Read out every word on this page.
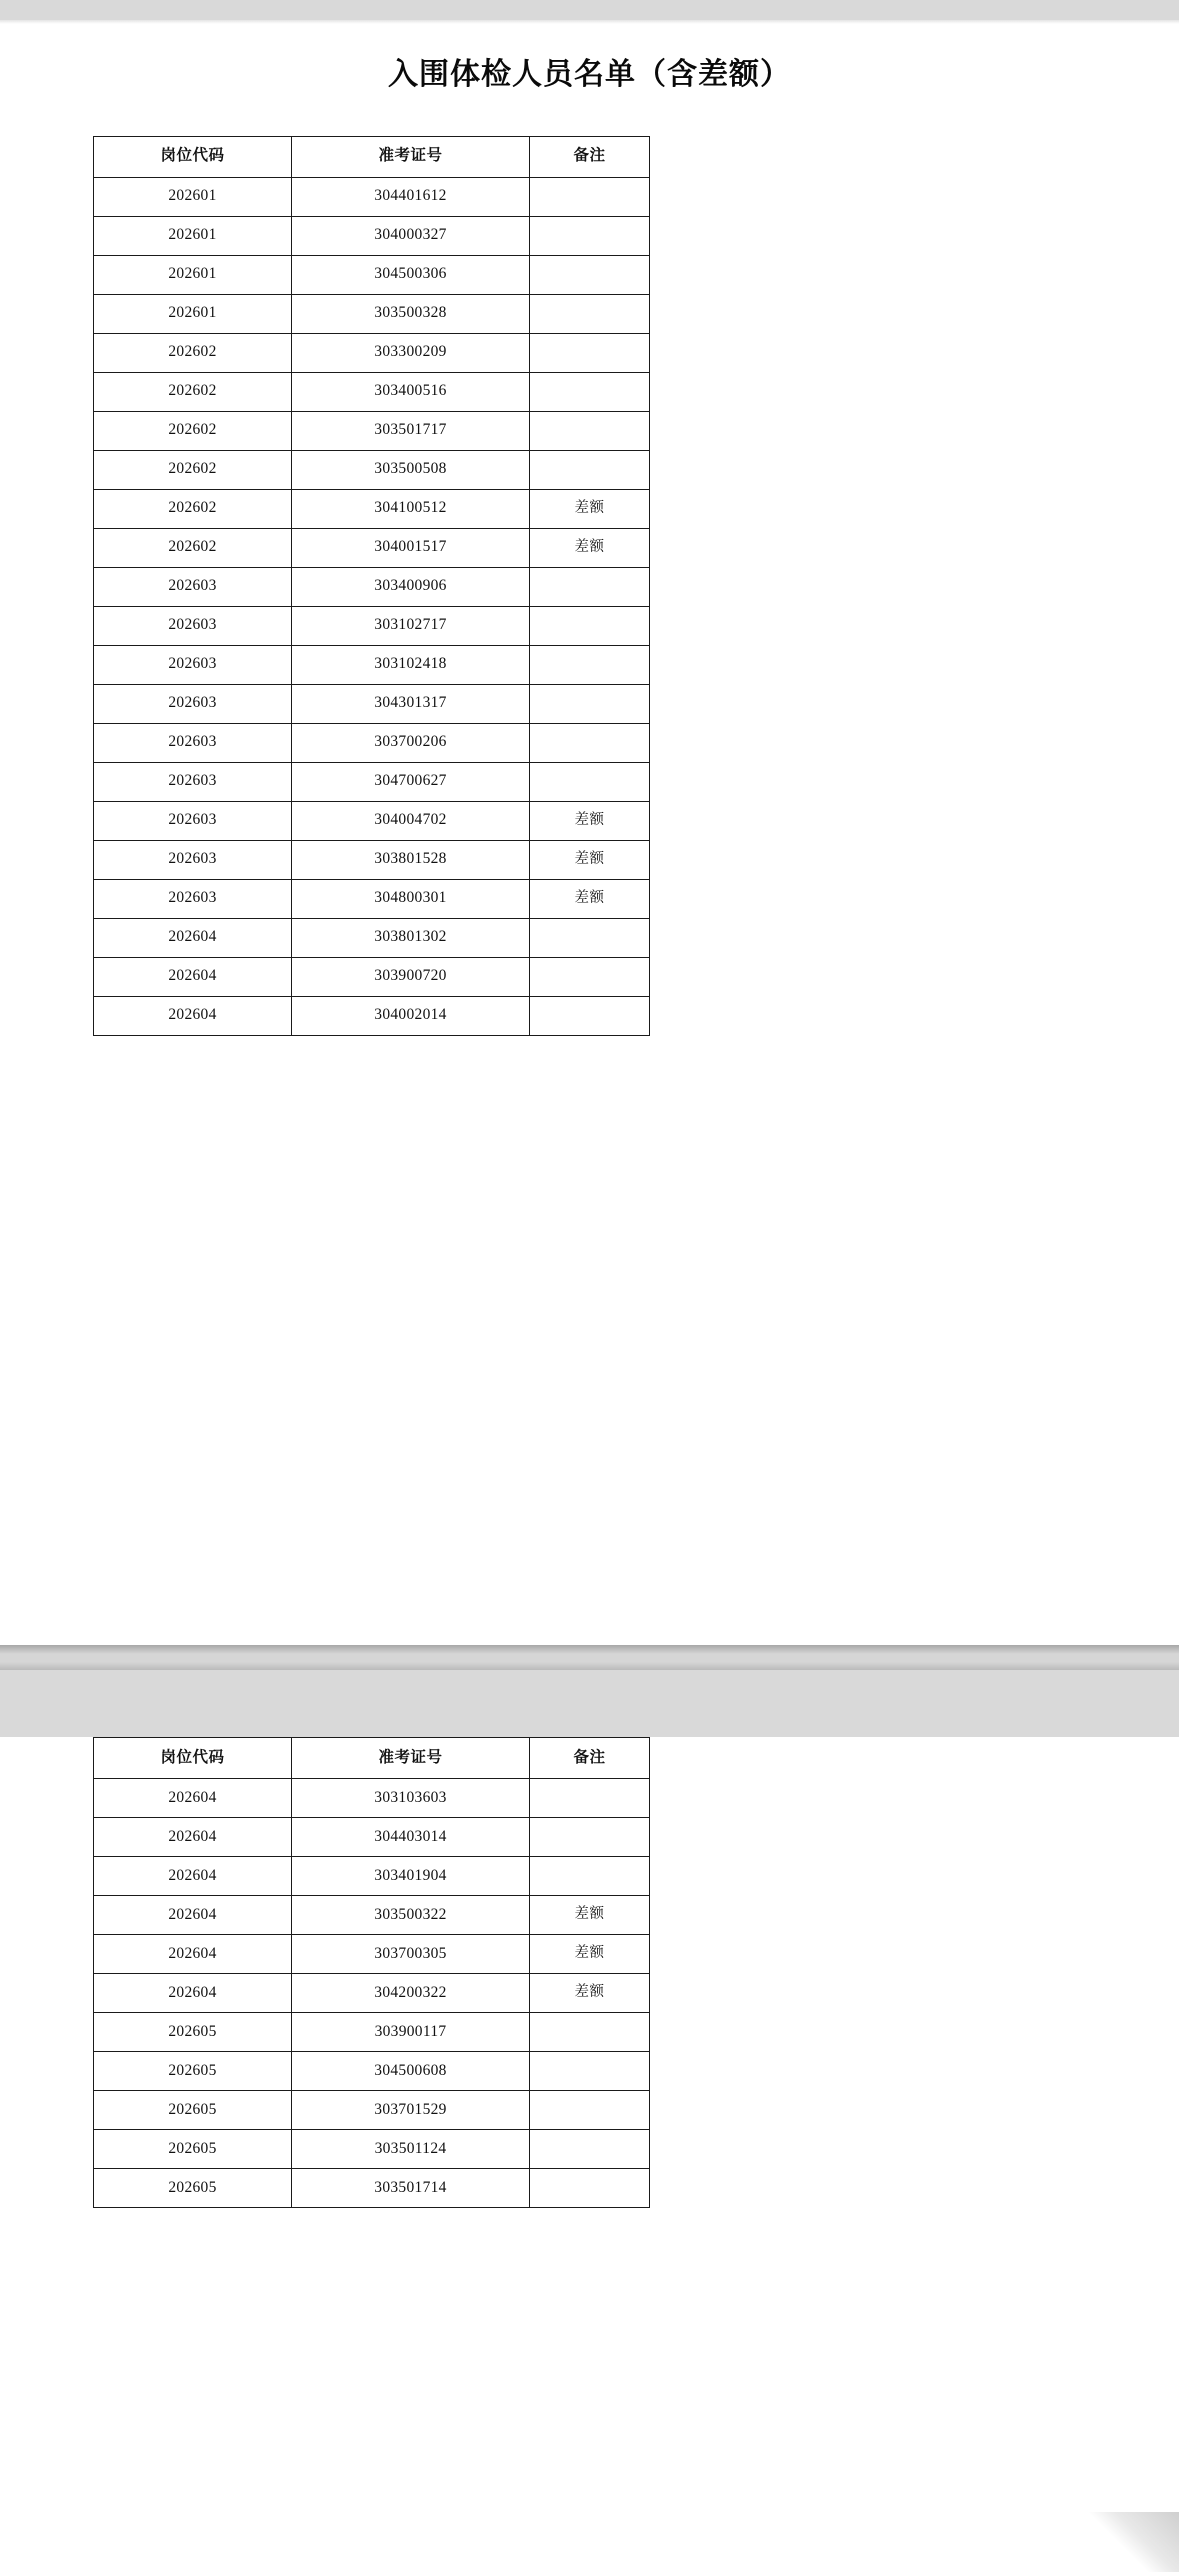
入围体检人员名单（含差额）
岗位代码	准考证号	备注
202601	304401612	
202601	304000327	
202601	304500306	
202601	303500328	
202602	303300209	
202602	303400516	
202602	303501717	
202602	303500508	
202602	304100512	差额
202602	304001517	差额
202603	303400906	
202603	303102717	
202603	303102418	
202603	304301317	
202603	303700206	
202603	304700627	
202603	304004702	差额
202603	303801528	差额
202603	304800301	差额
202604	303801302	
202604	303900720	
202604	304002014	
岗位代码	准考证号	备注
202604	303103603	
202604	304403014	
202604	303401904	
202604	303500322	差额
202604	303700305	差额
202604	304200322	差额
202605	303900117	
202605	304500608	
202605	303701529	
202605	303501124	
202605	303501714	
